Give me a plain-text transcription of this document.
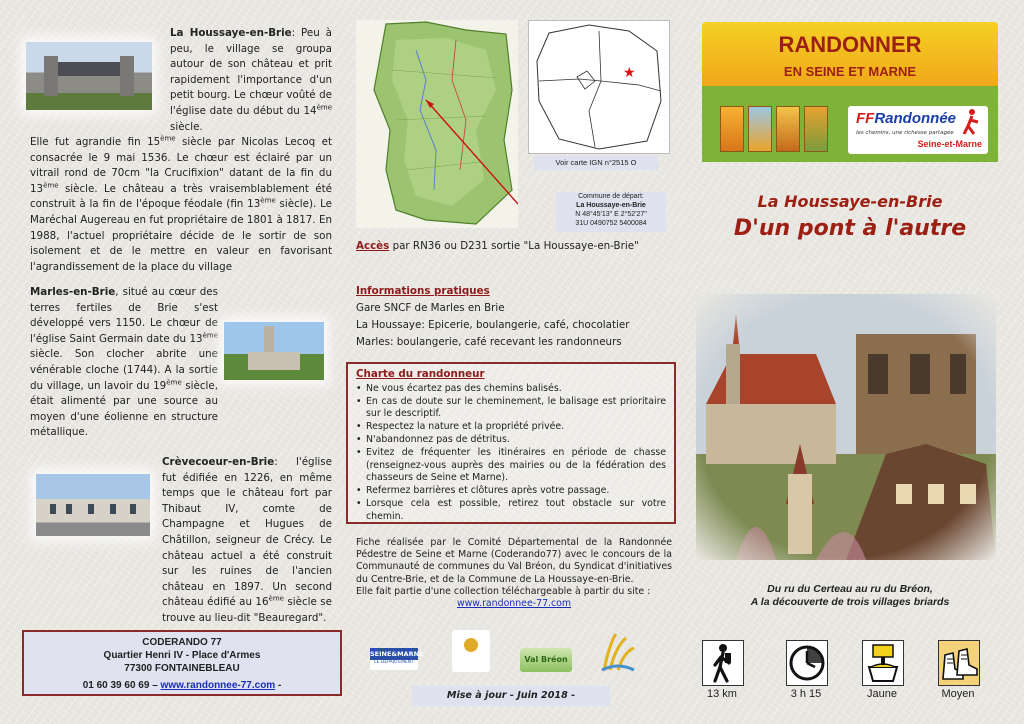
La Houssaye-en-Brie: Peu à peu, le village se groupa autour de son château et prit rapidement l'importance d'un petit bourg. Le chœur voûté de l'église date du début du 14ème siècle.
Elle fut agrandie fin 15ème siècle par Nicolas Lecoq et consacrée le 9 mai 1536. Le chœur est éclairé par un vitrail rond de 70cm "la Crucifixion" datant de la fin du 13ème siècle. Le château a très vraisemblablement été construit à la fin de l'époque féodale (fin 13ème siècle). Le Maréchal Augereau en fut propriétaire de 1801 à 1817. En 1988, l'actuel propriétaire décide de le sortir de son isolement et de le mettre en valeur en favorisant l'agrandissement de la place du village
Marles-en-Brie, situé au cœur des terres fertiles de Brie s'est développé vers 1150. Le chœur de l'église Saint Germain date du 13ème siècle. Son clocher abrite une vénérable cloche (1744). A la sortie du village, un lavoir du 19ème siècle, était alimenté par une source au moyen d'une éolienne en structure métallique.
Crèvecoeur-en-Brie: l'église fut édifiée en 1226, en même temps que le château fort par Thibaut IV, comte de Champagne et Hugues de Châtillon, seigneur de Crécy. Le château actuel a été construit sur les ruines de l'ancien château en 1897. Un second château édifié au 16ème siècle se trouve au lieu-dit "Beauregard".
CODERANDO 77
Quartier Henri IV - Place d'Armes
77300 FONTAINEBLEAU
01 60 39 60 69 – www.randonnee-77.com -
★
Voir carte IGN n°2515 O
Commune de départ:
La Houssaye-en-Brie
N 48°45'13" E 2°52'27"
31U 0490752 5400084
Accès par RN36 ou D231 sortie "La Houssaye-en-Brie"
Informations pratiques
Gare SNCF de Marles en Brie
La Houssaye: Epicerie, boulangerie, café, chocolatier
Marles: boulangerie, café recevant les randonneurs
Charte du randonneur
• Ne vous écartez pas des chemins balisés.
• En cas de doute sur le cheminement, le balisage est prioritaire sur le descriptif.
• Respectez la nature et la propriété privée.
• N'abandonnez pas de détritus.
• Evitez de fréquenter les itinéraires en période de chasse (renseignez-vous auprès des mairies ou de la fédération des chasseurs de Seine et Marne).
• Refermez barrières et clôtures après votre passage.
• Lorsque cela est possible, retirez tout obstacle sur votre chemin.
Fiche réalisée par le Comité Départemental de la Randonnée Pédestre de Seine et Marne (Coderando77) avec le concours de la Communauté de communes du Val Bréon, du Syndicat d'initiatives du Centre-Brie, et de la Commune de La Houssaye-en-Brie.
Elle fait partie d'une collection téléchargeable à partir du site :
www.randonnee-77.com
SEINE&MARNE
LE DÉPARTEMENT	Val Bréon
Mise à jour - Juin 2018 -
RANDONNER
EN SEINE ET MARNE
FFRandonnée
les chemins, une richesse partagée
Seine-et-Marne
La Houssaye-en-Brie
D'un pont à l'autre
Du ru du Certeau au ru du Bréon,
A la découverte de trois villages briards
13 km	3 h 15	Jaune	Moyen
